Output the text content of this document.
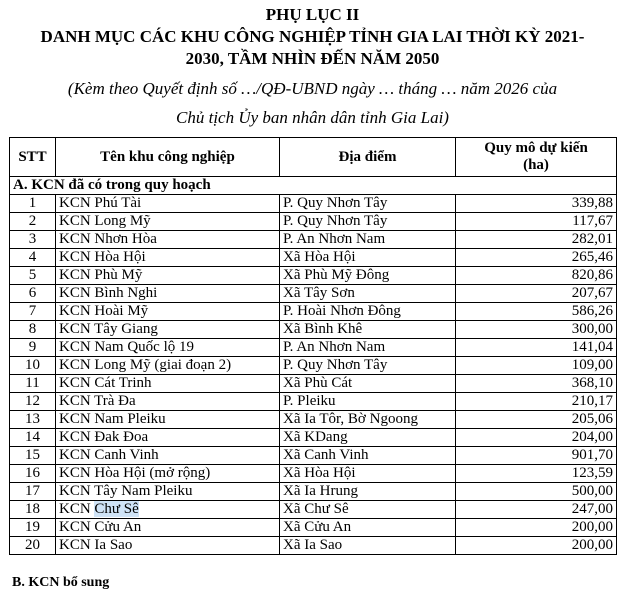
PHỤ LỤC II
DANH MỤC CÁC KHU CÔNG NGHIỆP TỈNH GIA LAI THỜI KỲ 2021-
2030, TẦM NHÌN ĐẾN NĂM 2050
(Kèm theo Quyết định số …/QĐ-UBND ngày … tháng … năm 2026 của
Chủ tịch Ủy ban nhân dân tỉnh Gia Lai)
STT	Tên khu công nghiệp	Địa điểm	Quy mô dự kiến
(ha)

A. KCN đã có trong quy hoạch			
1	KCN Phú Tài	P. Quy Nhơn Tây	339,88
2	KCN Long Mỹ	P. Quy Nhơn Tây	117,67
3	KCN Nhơn Hòa	P. An Nhơn Nam	282,01
4	KCN Hòa Hội	Xã Hòa Hội	265,46
5	KCN Phù Mỹ	Xã Phù Mỹ Đông	820,86
6	KCN Bình Nghi	Xã Tây Sơn	207,67
7	KCN Hoài Mỹ	P. Hoài Nhơn Đông	586,26
8	KCN Tây Giang	Xã Bình Khê	300,00
9	KCN Nam Quốc lộ 19	P. An Nhơn Nam	141,04
10	KCN Long Mỹ (giai đoạn 2)	P. Quy Nhơn Tây	109,00
11	KCN Cát Trinh	Xã Phù Cát	368,10
12	KCN Trà Đa	P. Pleiku	210,17
13	KCN Nam Pleiku	Xã Ia Tôr, Bờ Ngoong	205,06
14	KCN Đak Đoa	Xã KDang	204,00
15	KCN Canh Vinh	Xã Canh Vinh	901,70
16	KCN Hòa Hội (mở rộng)	Xã Hòa Hội	123,59
17	KCN Tây Nam Pleiku	Xã Ia Hrung	500,00
18	KCN Chư Sê	Xã Chư Sê	247,00
19	KCN Cửu An	Xã Cửu An	200,00
20	KCN Ia Sao	Xã Ia Sao	200,00
B. KCN bổ sung
